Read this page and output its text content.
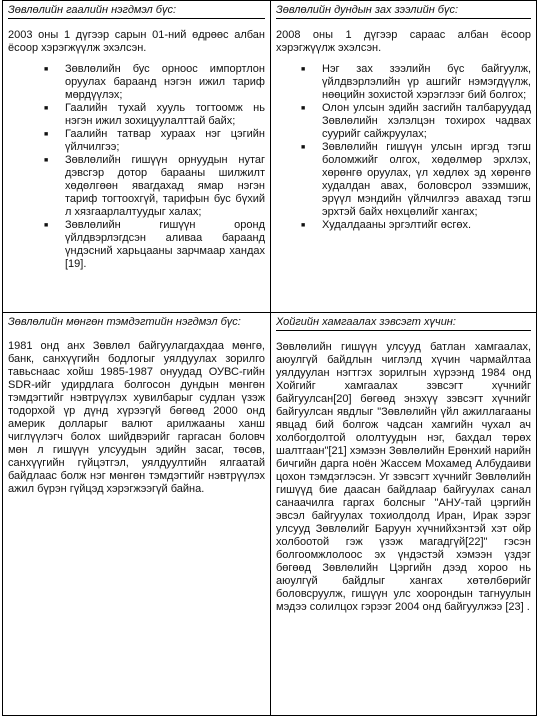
Зөвлөлийн гаалийн нэгдмэл бүс:

2003 оны 1 дүгээр сарын 01-ний өдрөөс албан ёсоор хэрэгжүүлж эхэлсэн.

■ Зөвлөлийн бус орноос импортлон оруулах бараанд нэгэн ижил тариф мөрдүүлэх;
■ Гаалийн тухай хууль тогтоомж нь нэгэн ижил зохицуулалттай байх;
■ Гаалийн татвар хураах нэг цэгийн үйлчилгээ;
■ Зөвлөлийн гишүүн орнуудын нутаг дэвсгэр дотор барааны шилжилт хөдөлгөөн явагдахад ямар нэгэн тариф тогтоохгүй, тарифын бус бүхий л хязгаарлалтуудыг халах;
■ Зөвлөлийн гишүүн оронд үйлдвэрлэгдсэн аливаа бараанд үндэсний харьцааны зарчмаар хандах [19].

Зөвлөлийн дундын зах зээлийн бүс:

2008 оны 1 дүгээр сараас албан ёсоор хэрэгжүүлж эхэлсэн.

■ Нэг зах зээлийн бүс байгуулж, үйлдвэрлэлийн үр ашгийг нэмэгдүүлж, нөөцийн зохистой хэрэглээг бий болгох;
■ Олон улсын эдийн засгийн талбаруудад Зөвлөлийн хэлэлцэн тохирох чадвах суурийг сайжруулах;
■ Зөвлөлийн гишүүн улсын иргэд тэгш боломжийг олгох, хөдөлмөр эрхлэх, хөрөнгө оруулах, үл хөдлөх эд хөрөнгө худалдан авах, боловсрол эзэмшиж, эрүүл мэндийн үйлчилгээ авахад тэгш эрхтэй байх нөхцөлийг хангах;
■ Худалдааны эргэлтийг өсгөх.

Зөвлөлийн мөнгөн тэмдэгтийн нэгдмэл бүс:

1981 онд анх Зөвлөл байгуулагдахдаа мөнгө, банк, санхүүгийн бодлогыг уялдуулах зорилго тавьснаас хойш 1985-1987 онуудад ОУВС-гийн SDR-ийг удирдлага болгосон дундын мөнгөн тэмдэгтийг нэвтрүүлэх хувилбарыг судлан үзэж тодорхой үр дүнд хүрээгүй бөгөөд 2000 онд америк долларыг валют арилжааны ханш чиглүүлэгч болох шийдвэрийг гаргасан боловч мөн л гишүүн улсуудын эдийн засаг, төсөв, санхүүгийн гүйцэтгэл, уялдуултийн ялгаатай байдлаас болж нэг мөнгөн тэмдэгтийг нэвтрүүлэх ажил бүрэн гүйцэд хэрэгжээгүй байна.

Хойгийн хамгаалах зэвсэгт хүчин:

Зөвлөлийн гишүүн улсууд батлан хамгаалах, аюулгүй байдлын чиглэлд хүчин чармайлтаа уялдуулан нэгтгэх зорилгын хүрээнд 1984 онд Хойгийг хамгаалах зэвсэгт хүчнийг байгуулсан[20] бөгөөд энэхүү зэвсэгт хүчнийг байгуулсан явдлыг "Зөвлөлийн үйл ажиллагааны явцад бий болгож чадсан хамгийн чухал ач холбогдолтой ололтуудын нэг, бахдал төрөх шалтгаан"[21] хэмээн Зөвлөлийн Ерөнхий нарийн бичгийн дарга ноён Жассем Мохамед Албудаиви цохон тэмдэглэсэн. Уг зэвсэгт хүчнийг Зөвлөлийн гишүүд бие даасан байдлаар байгуулах санал санаачилга гаргах болсныг "АНУ-тай цэргийн эвсэл байгуулах тохиолдолд Иран, Ирак зэрэг улсууд Зөвлөлийг Баруун хүчнийхэнтэй хэт ойр холбоотой гэж үзэж магадгүй[22]" гэсэн болгоомжлолоос эх үндэстэй хэмээн үздэг бөгөөд Зөвлөлийн Цэргийн дээд хороо нь аюулгүй байдлыг хангах хөтөлбөрийг боловсруулж, гишүүн улс хоорондын тагнуулын мэдээ солилцох гэрээг 2004 онд байгуулжээ [23] .
